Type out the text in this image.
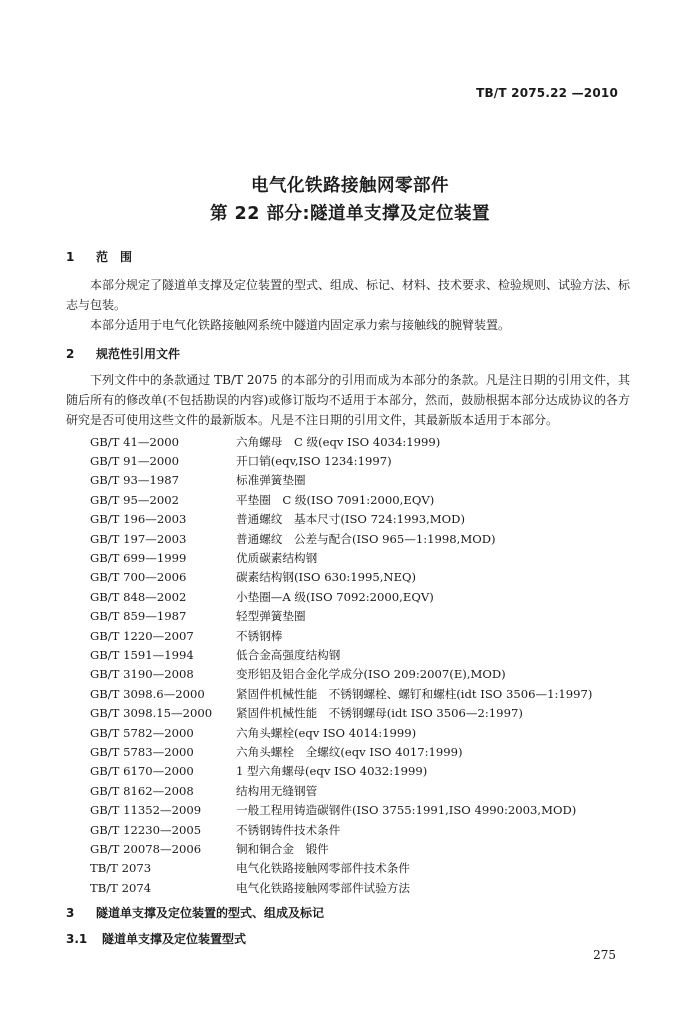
TB/T 2075.22 —2010
电气化铁路接触网零部件
第 22 部分:隧道单支撑及定位装置
1 范　围
本部分规定了隧道单支撑及定位装置的型式、组成、标记、材料、技术要求、检验规则、试验方法、标志与包装。
本部分适用于电气化铁路接触网系统中隧道内固定承力索与接触线的腕臂装置。
2 规范性引用文件
下列文件中的条款通过 TB/T 2075 的本部分的引用而成为本部分的条款。凡是注日期的引用文件，其随后所有的修改单(不包括勘误的内容)或修订版均不适用于本部分，然而，鼓励根据本部分达成协议的各方研究是否可使用这些文件的最新版本。凡是不注日期的引用文件，其最新版本适用于本部分。
GB/T 41—2000	六角螺母　C 级(eqv ISO 4034:1999)
GB/T 91—2000	开口销(eqv,ISO 1234:1997)
GB/T 93—1987	标准弹簧垫圈
GB/T 95—2002	平垫圈　C 级(ISO 7091:2000,EQV)
GB/T 196—2003	普通螺纹　基本尺寸(ISO 724:1993,MOD)
GB/T 197—2003	普通螺纹　公差与配合(ISO 965—1:1998,MOD)
GB/T 699—1999	优质碳素结构钢
GB/T 700—2006	碳素结构钢(ISO 630:1995,NEQ)
GB/T 848—2002	小垫圈—A 级(ISO 7092:2000,EQV)
GB/T 859—1987	轻型弹簧垫圈
GB/T 1220—2007	不锈钢棒
GB/T 1591—1994	低合金高强度结构钢
GB/T 3190—2008	变形铝及铝合金化学成分(ISO 209:2007(E),MOD)
GB/T 3098.6—2000	紧固件机械性能　不锈钢螺栓、螺钉和螺柱(idt ISO 3506—1:1997)
GB/T 3098.15—2000	紧固件机械性能　不锈钢螺母(idt ISO 3506—2:1997)
GB/T 5782—2000	六角头螺栓(eqv ISO 4014:1999)
GB/T 5783—2000	六角头螺栓　全螺纹(eqv ISO 4017:1999)
GB/T 6170—2000	1 型六角螺母(eqv ISO 4032:1999)
GB/T 8162—2008	结构用无缝钢管
GB/T 11352—2009	一般工程用铸造碳钢件(ISO 3755:1991,ISO 4990:2003,MOD)
GB/T 12230—2005	不锈钢铸件技术条件
GB/T 20078—2006	铜和铜合金　锻件
TB/T 2073	电气化铁路接触网零部件技术条件
TB/T 2074	电气化铁路接触网零部件试验方法
3 隧道单支撑及定位装置的型式、组成及标记
3.1 隧道单支撑及定位装置型式
275
